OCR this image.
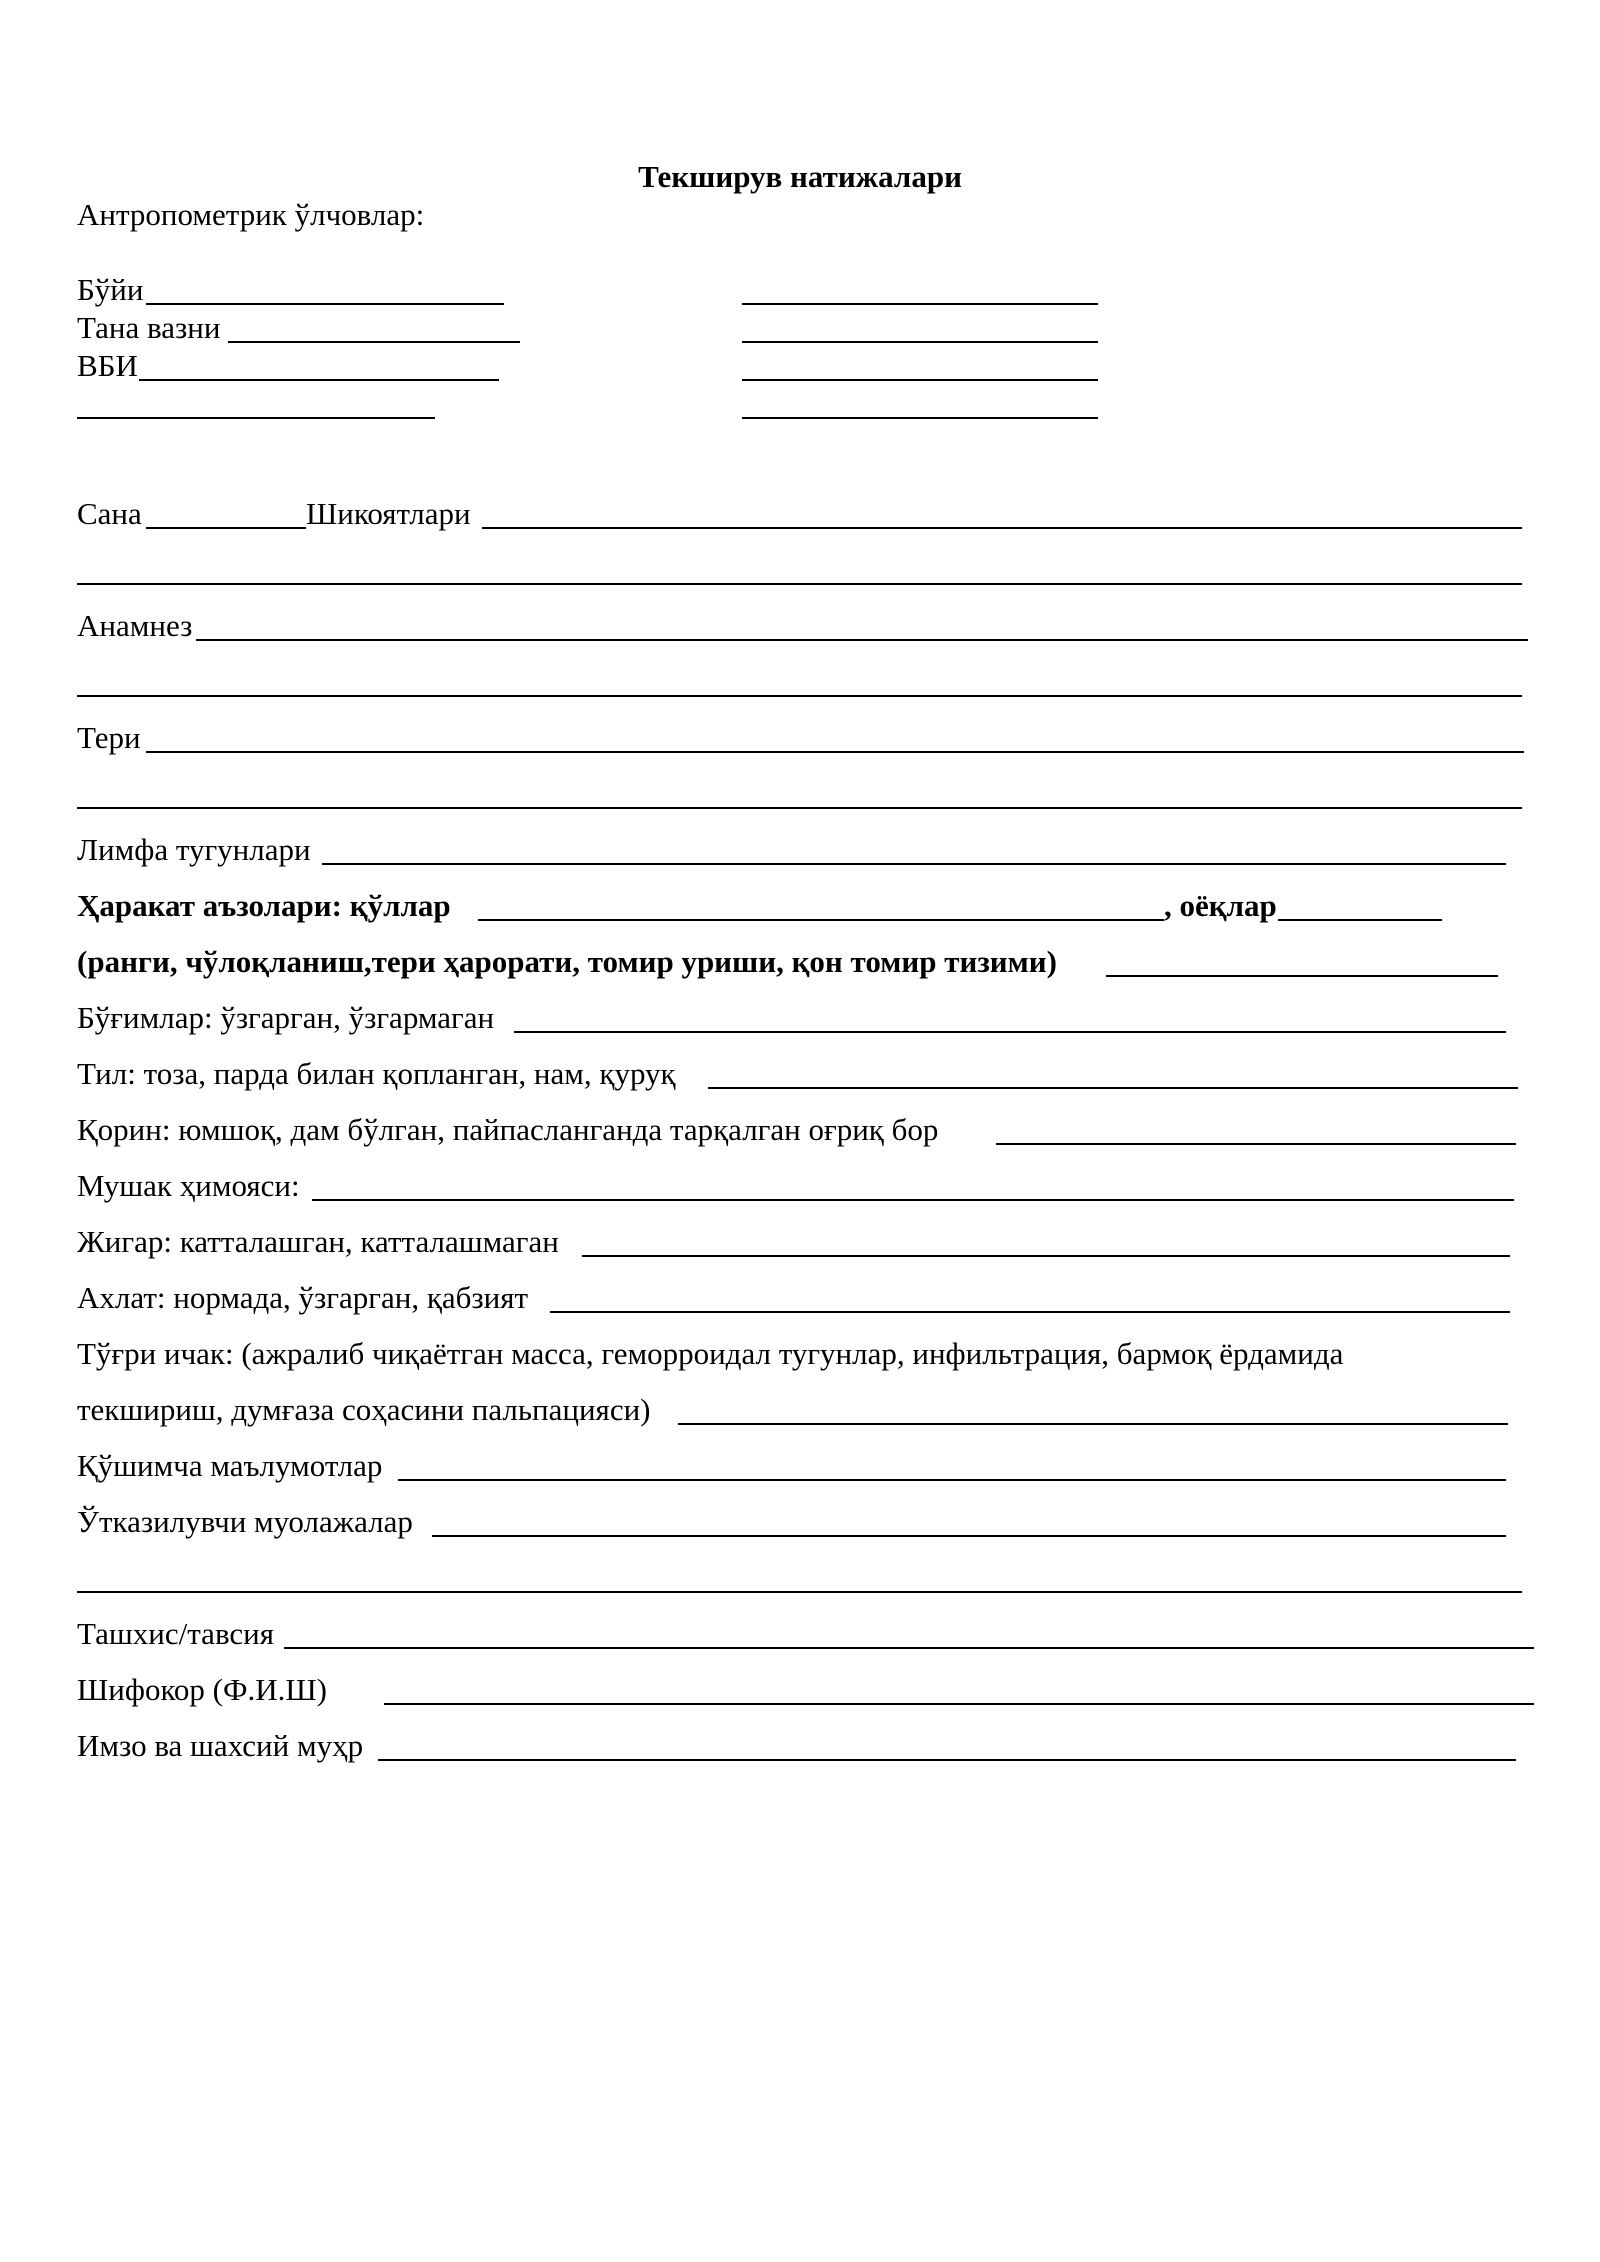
Текширув натижалари
Антропометрик ўлчовлар:
Бўйи
Тана вазни
ВБИ
Сана	Шикоятлари
Анамнез
Тери
Лимфа тугунлари
Ҳаракат аъзолари: қўллар	, оёқлар
(ранги, чўлоқланиш,тери ҳарорати, томир уриши, қон томир тизими)
Бўғимлар: ўзгарган, ўзгармаган
Тил: тоза, парда билан қопланган, нам, қуруқ
Қорин: юмшоқ, дам бўлган, пайпаслангaнда тарқалган оғриқ бор
Мушак ҳимояси:
Жигар: катталашган, катталашмаган
Ахлат: нормада, ўзгарган, қабзият
Тўғри ичак: (ажралиб чиқаётган масса, геморроидал тугунлар, инфильтрация, бармоқ ёрдамида
текшириш, думғаза соҳасини пальпацияси)
Қўшимча маълумотлар
Ўтказилувчи муолажалар
Ташхис/тавсия
Шифокор (Ф.И.Ш)
Имзо ва шахсий муҳр
